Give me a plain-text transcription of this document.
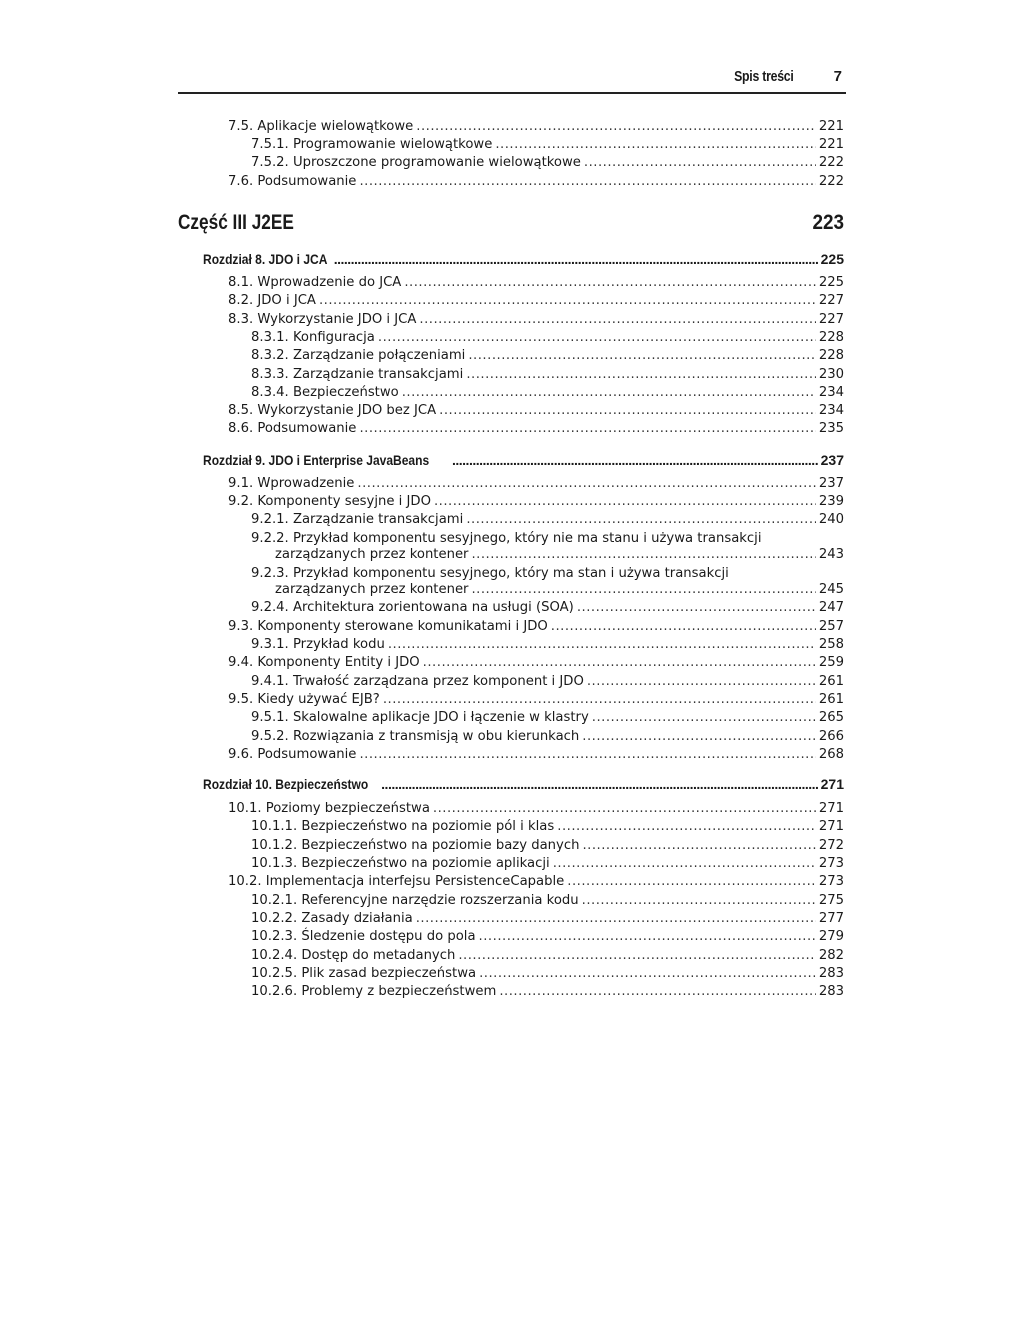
Spis treści	7
7.5. Aplikacje wielowątkowe .....	221
7.5.1. Programowanie wielowątkowe .....	221
7.5.2. Uproszczone programowanie wielowątkowe .....	222
7.6. Podsumowanie .....	222
Część III J2EE	223
Rozdział 8. JDO i JCA .....	225
8.1. Wprowadzenie do JCA .....	225
8.2. JDO i JCA .....	227
8.3. Wykorzystanie JDO i JCA .....	227
8.3.1. Konfiguracja .....	228
8.3.2. Zarządzanie połączeniami .....	228
8.3.3. Zarządzanie transakcjami .....	230
8.3.4. Bezpieczeństwo .....	234
8.5. Wykorzystanie JDO bez JCA .....	234
8.6. Podsumowanie .....	235
Rozdział 9. JDO i Enterprise JavaBeans .....	237
9.1. Wprowadzenie .....	237
9.2. Komponenty sesyjne i JDO .....	239
9.2.1. Zarządzanie transakcjami .....	240
9.2.2. Przykład komponentu sesyjnego, który nie ma stanu i używa transakcji
zarządzanych przez kontener .....	243
9.2.3. Przykład komponentu sesyjnego, który ma stan i używa transakcji
zarządzanych przez kontener .....	245
9.2.4. Architektura zorientowana na usługi (SOA) .....	247
9.3. Komponenty sterowane komunikatami i JDO .....	257
9.3.1. Przykład kodu .....	258
9.4. Komponenty Entity i JDO .....	259
9.4.1. Trwałość zarządzana przez komponent i JDO .....	261
9.5. Kiedy używać EJB? .....	261
9.5.1. Skalowalne aplikacje JDO i łączenie w klastry .....	265
9.5.2. Rozwiązania z transmisją w obu kierunkach .....	266
9.6. Podsumowanie .....	268
Rozdział 10. Bezpieczeństwo .....	271
10.1. Poziomy bezpieczeństwa .....	271
10.1.1. Bezpieczeństwo na poziomie pól i klas .....	271
10.1.2. Bezpieczeństwo na poziomie bazy danych .....	272
10.1.3. Bezpieczeństwo na poziomie aplikacji .....	273
10.2. Implementacja interfejsu PersistenceCapable .....	273
10.2.1. Referencyjne narzędzie rozszerzania kodu .....	275
10.2.2. Zasady działania .....	277
10.2.3. Śledzenie dostępu do pola .....	279
10.2.4. Dostęp do metadanych .....	282
10.2.5. Plik zasad bezpieczeństwa .....	283
10.2.6. Problemy z bezpieczeństwem .....	283
